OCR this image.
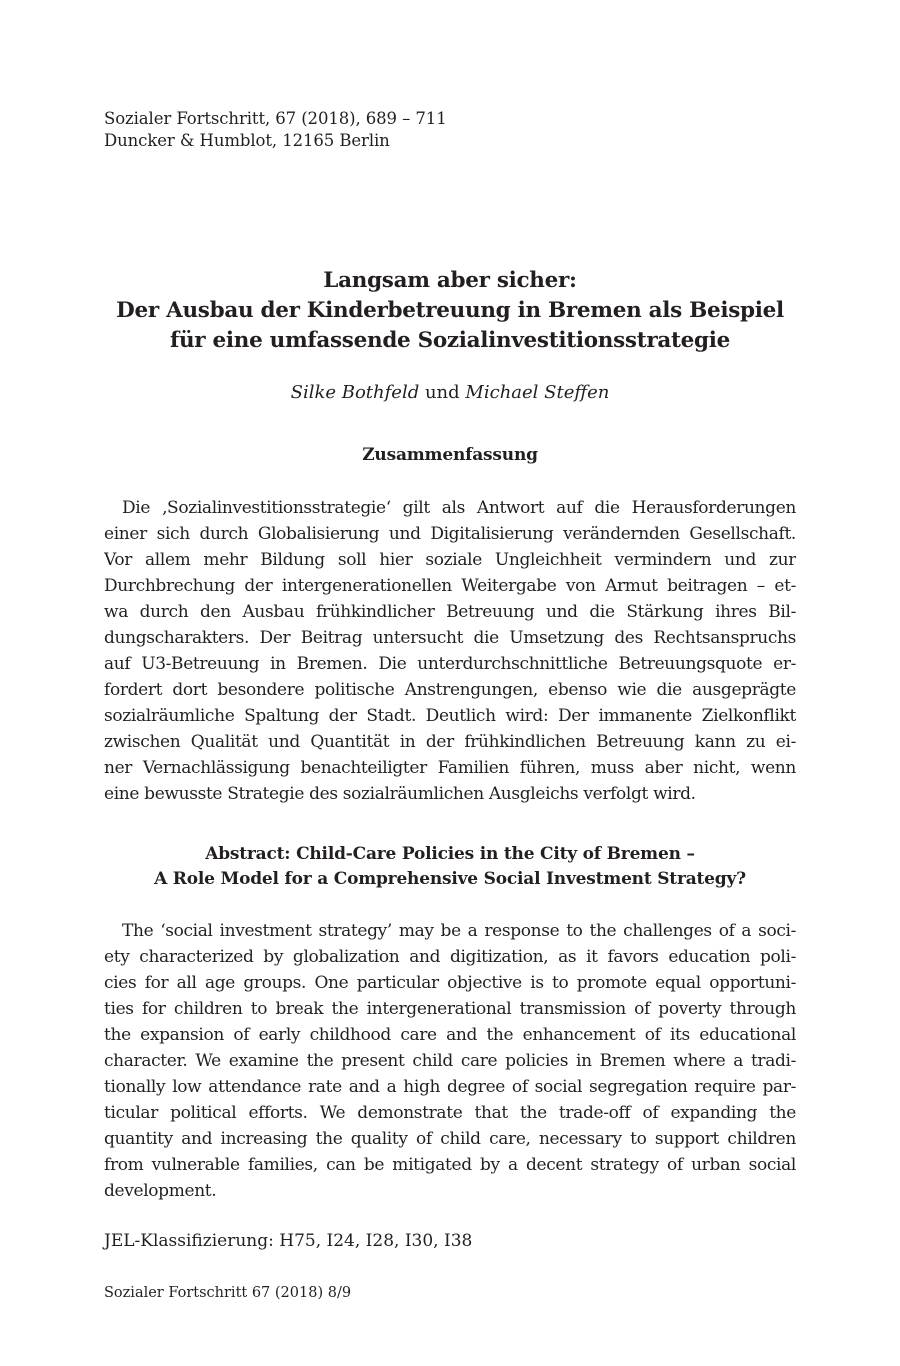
Sozialer Fortschritt, 67 (2018), 689 – 711
Duncker & Humblot, 12165 Berlin
Langsam aber sicher:
Der Ausbau der Kinderbetreuung in Bremen als Beispiel
für eine umfassende Sozialinvestitionsstrategie
Silke Bothfeld und Michael Steffen
Zusammenfassung
Die ‚Sozialinvestitionsstrategie‘ gilt als Antwort auf die Herausforderungen
einer sich durch Globalisierung und Digitalisierung verändernden Gesellschaft.
Vor allem mehr Bildung soll hier soziale Ungleichheit vermindern und zur
Durchbrechung der intergenerationellen Weitergabe von Armut beitragen – et-
wa durch den Ausbau frühkindlicher Betreuung und die Stärkung ihres Bil-
dungscharakters. Der Beitrag untersucht die Umsetzung des Rechtsanspruchs
auf U3-Betreuung in Bremen. Die unterdurchschnittliche Betreuungsquote er-
fordert dort besondere politische Anstrengungen, ebenso wie die ausgeprägte
sozialräumliche Spaltung der Stadt. Deutlich wird: Der immanente Zielkonflikt
zwischen Qualität und Quantität in der frühkindlichen Betreuung kann zu ei-
ner Vernachlässigung benachteiligter Familien führen, muss aber nicht, wenn
eine bewusste Strategie des sozialräumlichen Ausgleichs verfolgt wird.
Abstract: Child-Care Policies in the City of Bremen –
A Role Model for a Comprehensive Social Investment Strategy?
The ‘social investment strategy’ may be a response to the challenges of a soci-
ety characterized by globalization and digitization, as it favors education poli-
cies for all age groups. One particular objective is to promote equal opportuni-
ties for children to break the intergenerational transmission of poverty through
the expansion of early childhood care and the enhancement of its educational
character. We examine the present child care policies in Bremen where a tradi-
tionally low attendance rate and a high degree of social segregation require par-
ticular political efforts. We demonstrate that the trade-off of expanding the
quantity and increasing the quality of child care, necessary to support children
from vulnerable families, can be mitigated by a decent strategy of urban social
development.
JEL-Klassifizierung: H75, I24, I28, I30, I38
Sozialer Fortschritt 67 (2018) 8/9
